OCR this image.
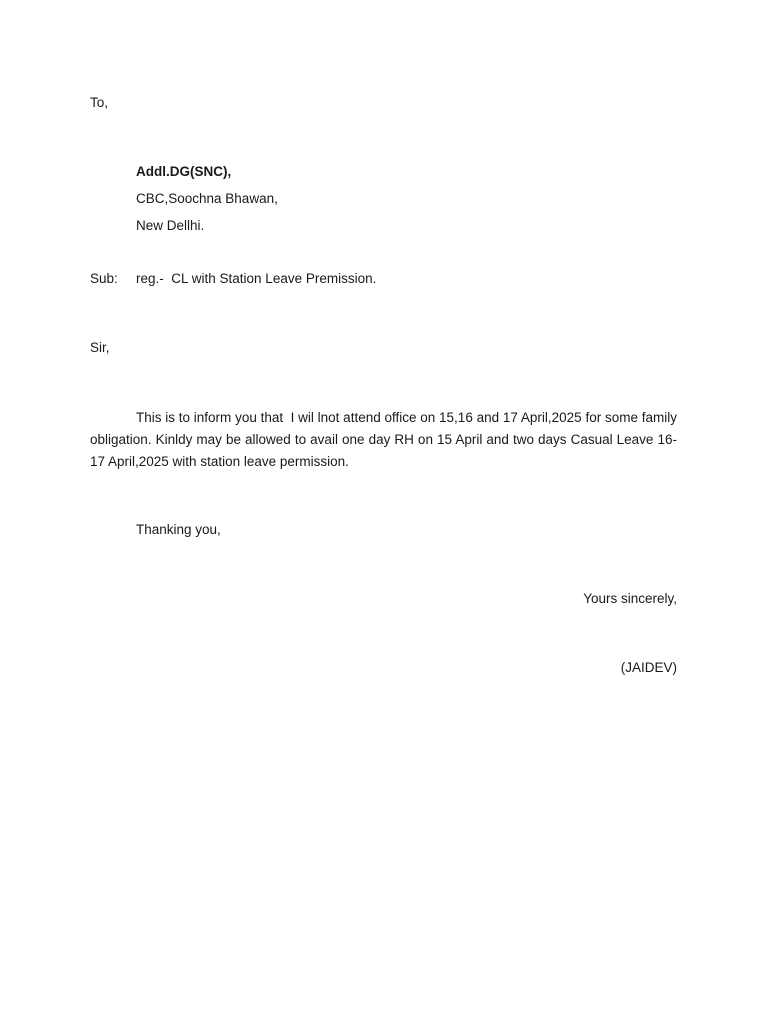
To,
Addl.DG(SNC),
CBC,Soochna Bhawan,
New Dellhi.
Sub: reg.-  CL with Station Leave Premission.
Sir,
This is to inform you that  I wil lnot attend office on 15,16 and 17 April,2025 for some family obligation. Kinldy may be allowed to avail one day RH on 15 April and two days Casual Leave 16-17 April,2025 with station leave permission.
Thanking you,
Yours sincerely,
(JAIDEV)
